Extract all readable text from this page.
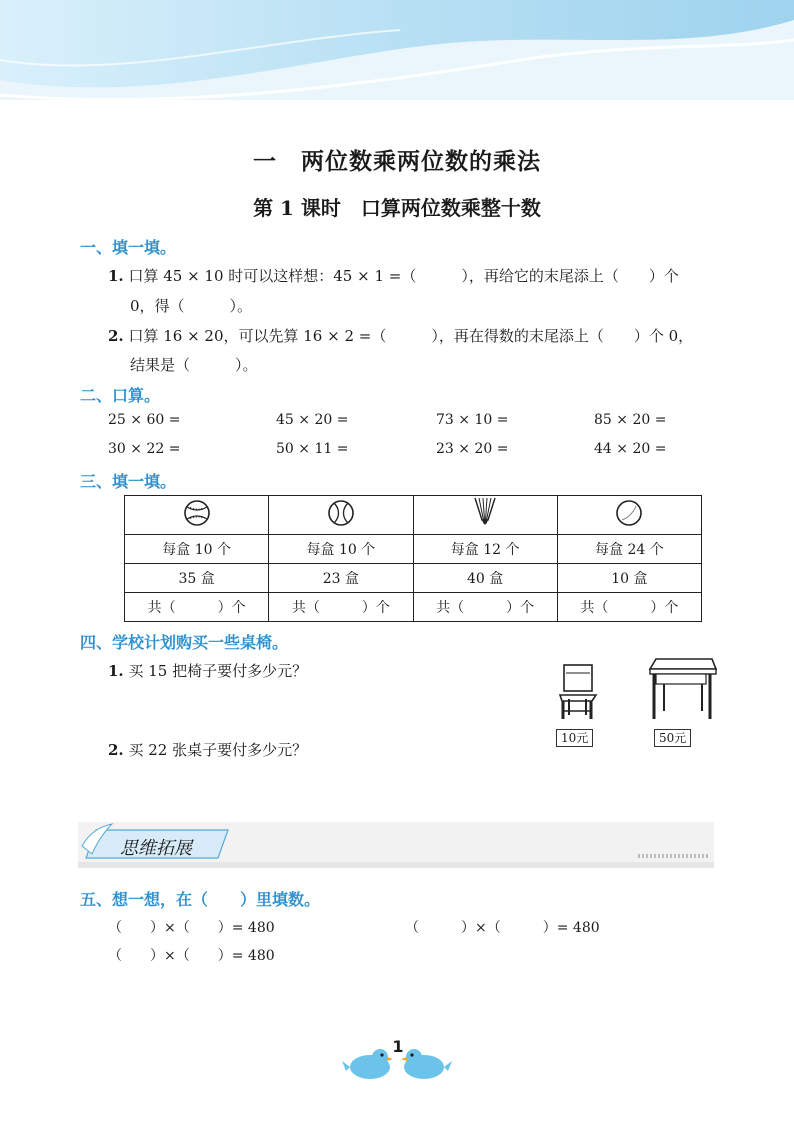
一　两位数乘两位数的乘法
第 1 课时　口算两位数乘整十数
一、填一填。
1. 口算 45 × 10 时可以这样想：45 × 1 =（　　　），再给它的末尾添上（　　）个
0，得（　　　）。
2. 口算 16 × 20，可以先算 16 × 2 =（　　　），再在得数的末尾添上（　　）个 0，
结果是（　　　）。
二、口算。
25 × 60 =	45 × 20 =	73 × 10 =	85 × 20 =
30 × 22 =	50 × 11 =	23 × 20 =	44 × 20 =
三、填一填。

每盒 10 个	每盒 10 个	每盒 12 个	每盒 24 个
35 盒	23 盒	40 盒	10 盒
共（　　　）个	共（　　　）个	共（　　　）个	共（　　　）个
四、学校计划购买一些桌椅。
1. 买 15 把椅子要付多少元？
2. 买 22 张桌子要付多少元？
10元	50元
思维拓展
五、想一想，在（　　）里填数。
（　　）×（　　）= 480	（　　　）×（　　　）= 480
（　　）×（　　）= 480
1
